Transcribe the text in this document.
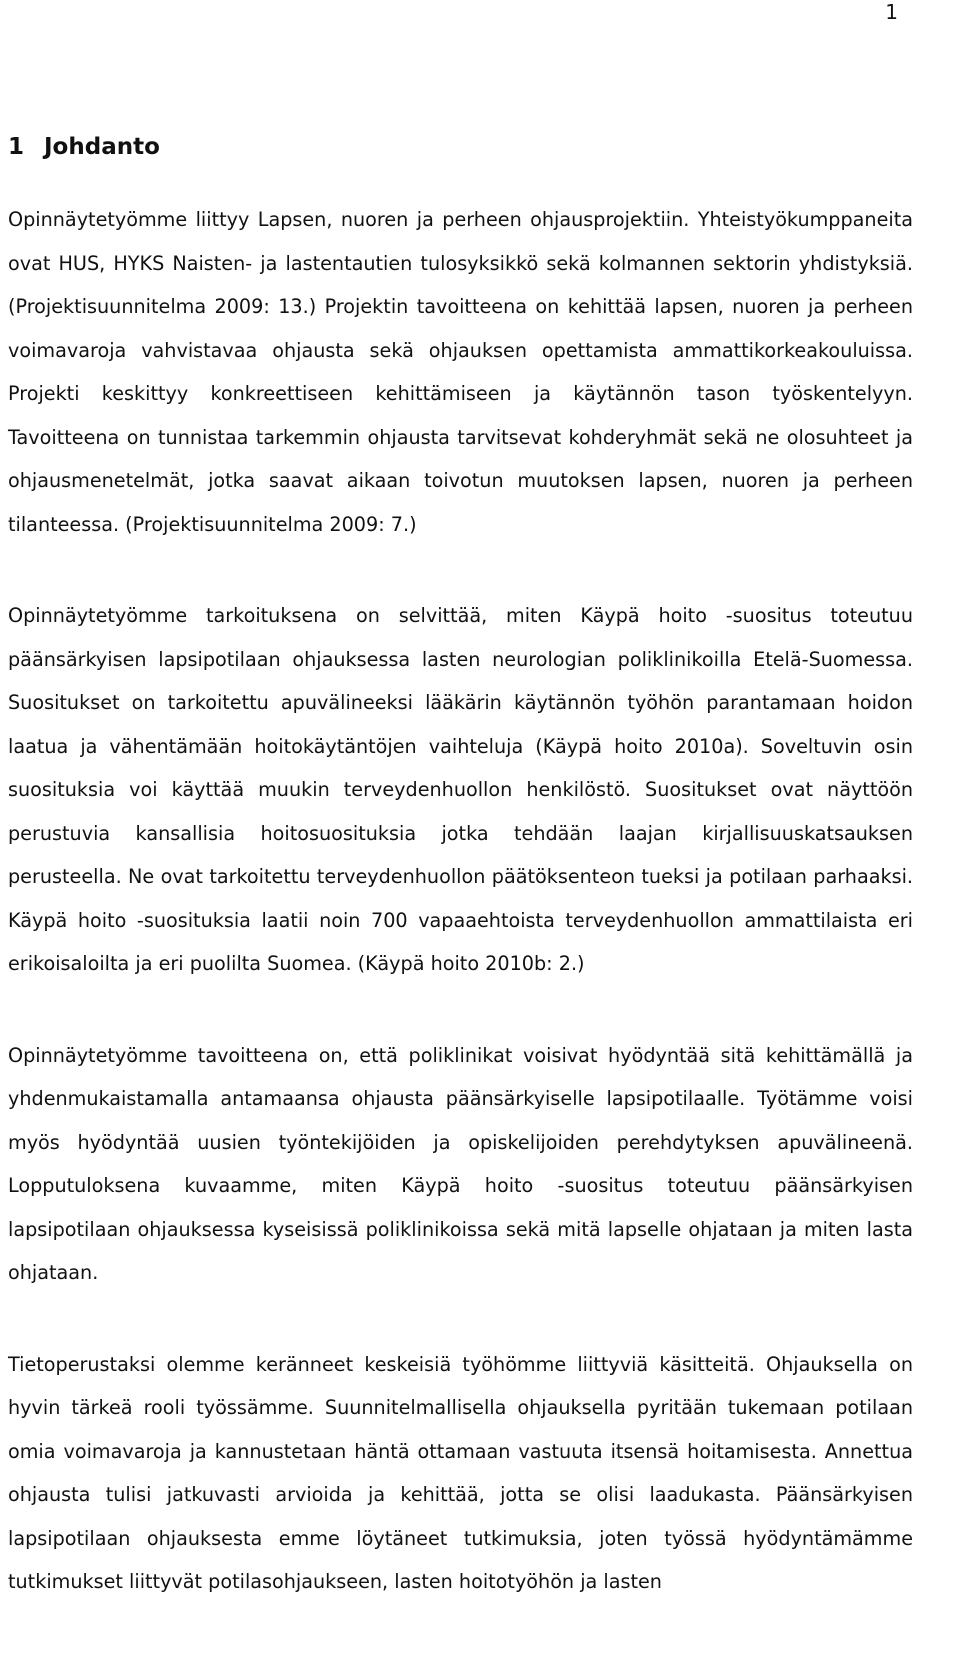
1
1 Johdanto

Opinnäytetyömme liittyy Lapsen, nuoren ja perheen ohjausprojektiin. Yhteistyökumppaneita ovat HUS, HYKS Naisten- ja lastentautien tulosyksikkö sekä kolmannen sektorin yhdistyksiä. (Projektisuunnitelma 2009: 13.) Projektin tavoitteena on kehittää lapsen, nuoren ja perheen voimavaroja vahvistavaa ohjausta sekä ohjauksen opettamista ammattikorkeakouluissa. Projekti keskittyy konkreettiseen kehittämiseen ja käytännön tason työskentelyyn. Tavoitteena on tunnistaa tarkemmin ohjausta tarvitsevat kohderyhmät sekä ne olosuhteet ja ohjausmenetelmät, jotka saavat aikaan toivotun muutoksen lapsen, nuoren ja perheen tilanteessa. (Projektisuunnitelma 2009: 7.)

Opinnäytetyömme tarkoituksena on selvittää, miten Käypä hoito -suositus toteutuu päänsärkyisen lapsipotilaan ohjauksessa lasten neurologian poliklinikoilla Etelä-Suomessa. Suositukset on tarkoitettu apuvälineeksi lääkärin käytännön työhön parantamaan hoidon laatua ja vähentämään hoitokäytäntöjen vaihteluja (Käypä hoito 2010a). Soveltuvin osin suosituksia voi käyttää muukin terveydenhuollon henkilöstö. Suositukset ovat näyttöön perustuvia kansallisia hoitosuosituksia jotka tehdään laajan kirjallisuuskatsauksen perusteella. Ne ovat tarkoitettu terveydenhuollon päätöksenteon tueksi ja potilaan parhaaksi. Käypä hoito -suosituksia laatii noin 700 vapaaehtoista terveydenhuollon ammattilaista eri erikoisaloilta ja eri puolilta Suomea. (Käypä hoito 2010b: 2.)

Opinnäytetyömme tavoitteena on, että poliklinikat voisivat hyödyntää sitä kehittämällä ja yhdenmukaistamalla antamaansa ohjausta päänsärkyiselle lapsipotilaalle. Työtämme voisi myös hyödyntää uusien työntekijöiden ja opiskelijoiden perehdytyksen apuvälineenä. Lopputuloksena kuvaamme, miten Käypä hoito -suositus toteutuu päänsärkyisen lapsipotilaan ohjauksessa kyseisissä poliklinikoissa sekä mitä lapselle ohjataan ja miten lasta ohjataan.

Tietoperustaksi olemme keränneet keskeisiä työhömme liittyviä käsitteitä. Ohjauksella on hyvin tärkeä rooli työssämme. Suunnitelmallisella ohjauksella pyritään tukemaan potilaan omia voimavaroja ja kannustetaan häntä ottamaan vastuuta itsensä hoitamisesta. Annettua ohjausta tulisi jatkuvasti arvioida ja kehittää, jotta se olisi laadukasta. Päänsärkyisen lapsipotilaan ohjauksesta emme löytäneet tutkimuksia, joten työssä hyödyntämämme tutkimukset liittyvät potilasohjaukseen, lasten hoitotyöhön ja lasten
